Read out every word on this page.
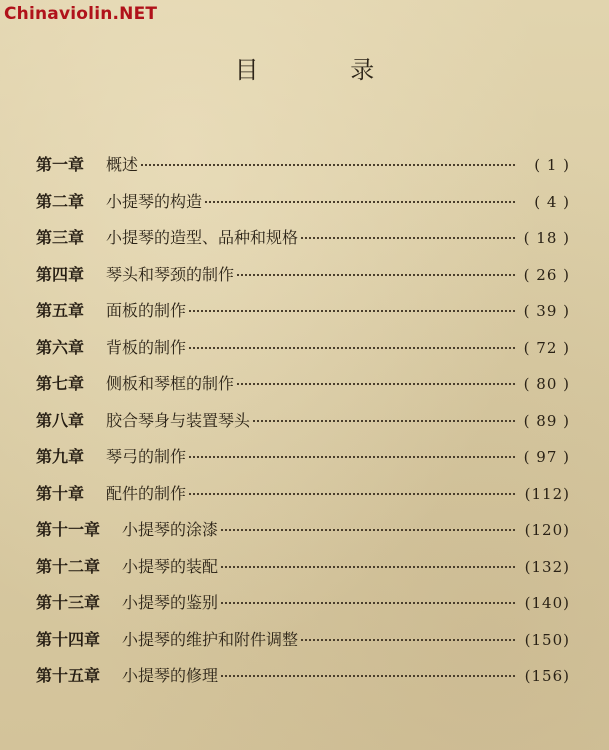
Chinaviolin.NET
目 录
第一章 概述	( 1 )
第二章 小提琴的构造	( 4 )
第三章 小提琴的造型、品种和规格	( 18 )
第四章 琴头和琴颈的制作	( 26 )
第五章 面板的制作	( 39 )
第六章 背板的制作	( 72 )
第七章 侧板和琴框的制作	( 80 )
第八章 胶合琴身与装置琴头	( 89 )
第九章 琴弓的制作	( 97 )
第十章 配件的制作	(112)
第十一章 小提琴的涂漆	(120)
第十二章 小提琴的装配	(132)
第十三章 小提琴的鉴别	(140)
第十四章 小提琴的维护和附件调整	(150)
第十五章 小提琴的修理	(156)
